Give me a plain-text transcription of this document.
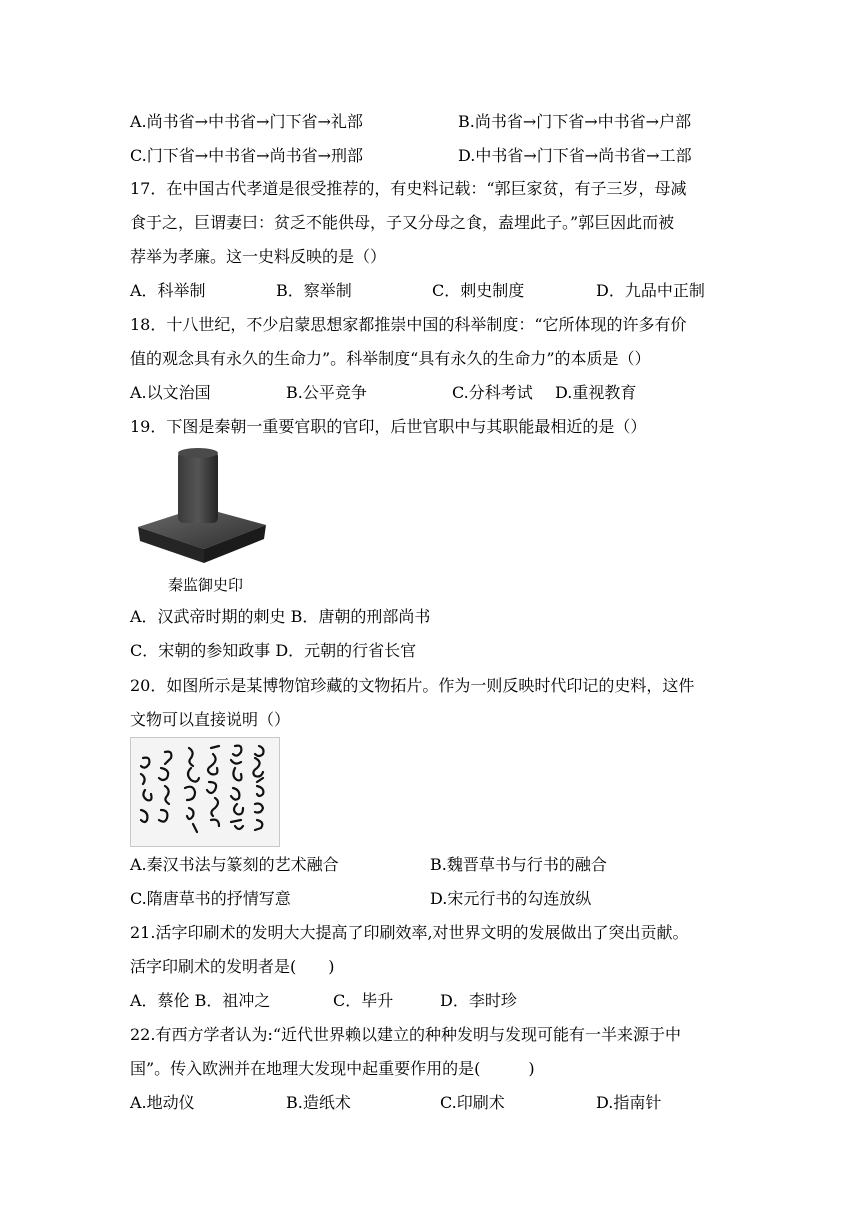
A.尚书省→中书省→门下省→礼部	B.尚书省→门下省→中书省→户部
C.门下省→中书省→尚书省→刑部	D.中书省→门下省→尚书省→工部
17．在中国古代孝道是很受推荐的，有史料记载：“郭巨家贫，有子三岁，母减
食于之，巨谓妻曰：贫乏不能供母，子又分母之食，盍埋此子。”郭巨因此而被
荐举为孝廉。这一史料反映的是（）
A．科举制	B．察举制	C．刺史制度	D．九品中正制
18．十八世纪，不少启蒙思想家都推崇中国的科举制度：“它所体现的许多有价
值的观念具有永久的生命力”。科举制度“具有永久的生命力”的本质是（）
A.以文治国	B.公平竞争	C.分科考试 D.重视教育
19．下图是秦朝一重要官职的官印，后世官职中与其职能最相近的是（）
秦监御史印
A．汉武帝时期的刺史 B．唐朝的刑部尚书
C．宋朝的参知政事 D．元朝的行省长官
20．如图所示是某博物馆珍藏的文物拓片。作为一则反映时代印记的史料，这件
文物可以直接说明（）
A.秦汉书法与篆刻的艺术融合	B.魏晋草书与行书的融合
C.隋唐草书的抒情写意	D.宋元行书的勾连放纵
21.活字印刷术的发明大大提高了印刷效率,对世界文明的发展做出了突出贡献。
活字印刷术的发明者是(　　)
A．蔡伦 B．祖冲之	C．毕升	D．李时珍
22.有西方学者认为:“近代世界赖以建立的种种发明与发现可能有一半来源于中
国”。传入欧洲并在地理大发现中起重要作用的是(　　　)
A.地动仪	B.造纸术	C.印刷术	D.指南针
